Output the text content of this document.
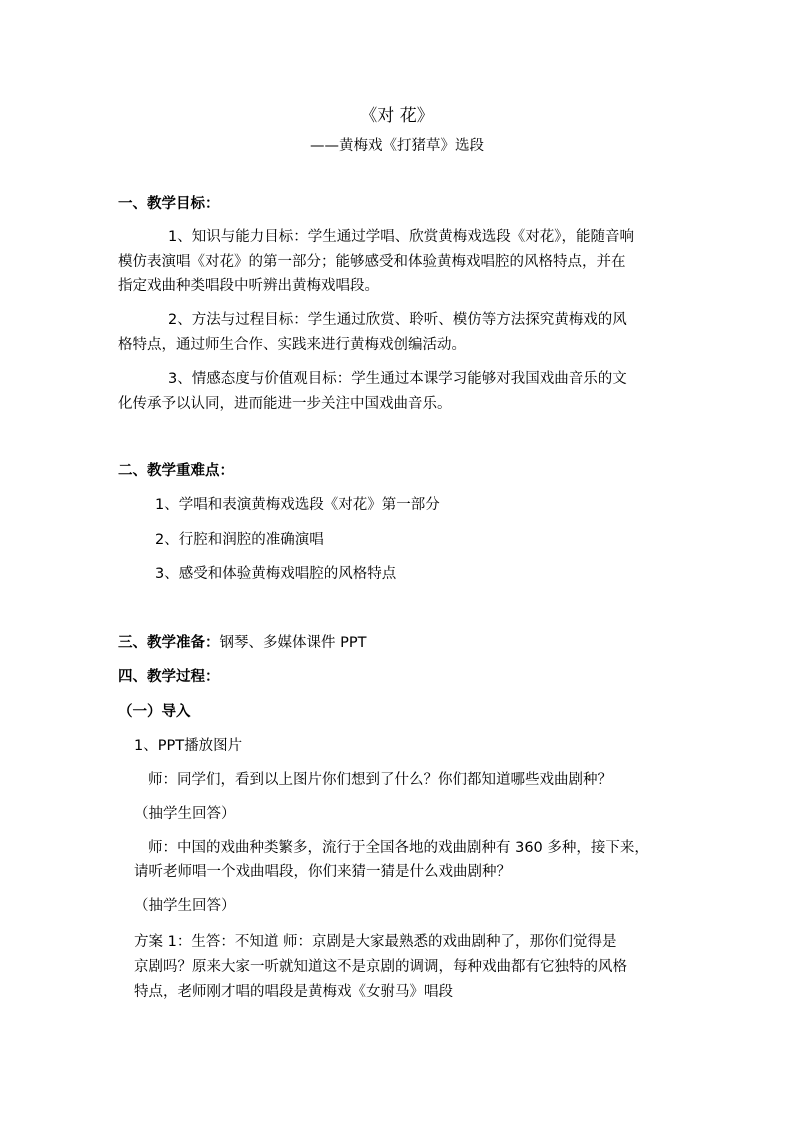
《对 花》
——黄梅戏《打猪草》选段
一、教学目标：
1、知识与能力目标：学生通过学唱、欣赏黄梅戏选段《对花》，能随音响
模仿表演唱《对花》的第一部分；能够感受和体验黄梅戏唱腔的风格特点，并在
指定戏曲种类唱段中听辨出黄梅戏唱段。
2、方法与过程目标：学生通过欣赏、聆听、模仿等方法探究黄梅戏的风
格特点，通过师生合作、实践来进行黄梅戏创编活动。
3、情感态度与价值观目标：学生通过本课学习能够对我国戏曲音乐的文
化传承予以认同，进而能进一步关注中国戏曲音乐。
二、教学重难点：
1、学唱和表演黄梅戏选段《对花》第一部分
2、行腔和润腔的准确演唱
3、感受和体验黄梅戏唱腔的风格特点
三、教学准备：钢琴、多媒体课件 PPT
四、教学过程：
（一）导入
1、PPT播放图片
师：同学们，看到以上图片你们想到了什么？你们都知道哪些戏曲剧种？
（抽学生回答）
师：中国的戏曲种类繁多，流行于全国各地的戏曲剧种有 360 多种，接下来，
请听老师唱一个戏曲唱段，你们来猜一猜是什么戏曲剧种？
（抽学生回答）
方案 1：生答：不知道 师：京剧是大家最熟悉的戏曲剧种了，那你们觉得是
京剧吗？原来大家一听就知道这不是京剧的调调，每种戏曲都有它独特的风格
特点，老师刚才唱的唱段是黄梅戏《女驸马》唱段
